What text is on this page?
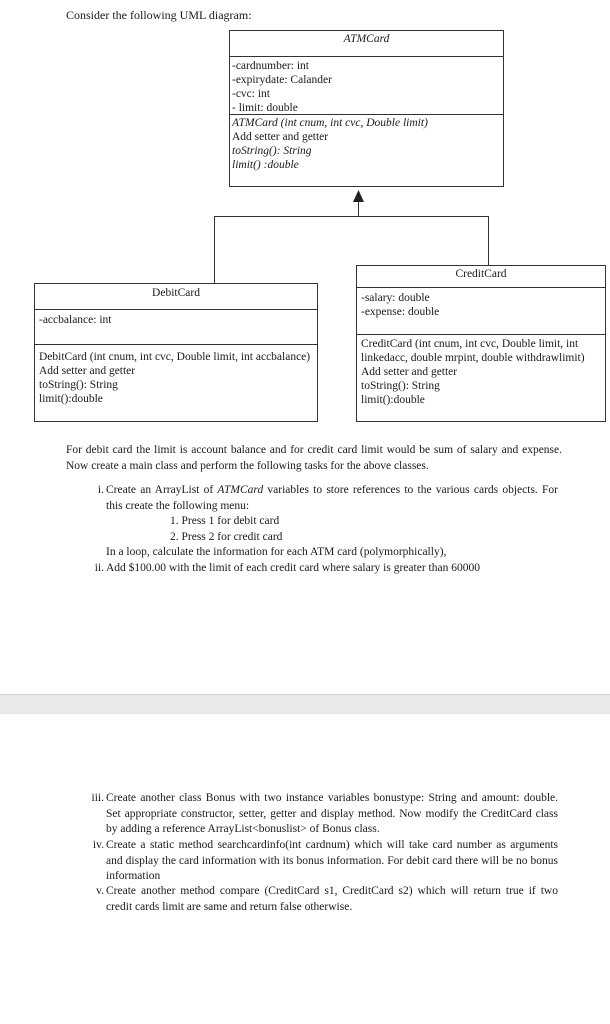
Consider the following UML diagram:
ATMCard
-cardnumber: int
-expirydate: Calander
-cvc: int
- limit: double
ATMCard (int cnum, int cvc, Double limit)
Add setter and getter
toString(): String
limit() :double
DebitCard
-accbalance: int
DebitCard (int cnum, int cvc, Double limit, int accbalance)
Add setter and getter
toString(): String
limit():double
CreditCard
-salary: double
-expense: double
CreditCard (int cnum, int cvc, Double limit, int linkedacc, double mrpint, double withdrawlimit)
Add setter and getter
toString(): String
limit():double
For debit card the limit is account balance and for credit card limit would be sum of salary and expense. Now create a main class and perform the following tasks for the above classes.
i. Create an ArrayList of ATMCard variables to store references to the various cards objects. For this create the following menu:
1. Press 1 for debit card
2. Press 2 for credit card
In a loop, calculate the information for each ATM card (polymorphically),
ii. Add $100.00 with the limit of each credit card where salary is greater than 60000
iii. Create another class Bonus with two instance variables bonustype: String and amount: double. Set appropriate constructor, setter, getter and display method. Now modify the CreditCard class by adding a reference ArrayList<bonuslist> of Bonus class.
iv. Create a static method searchcardinfo(int cardnum) which will take card number as arguments and display the card information with its bonus information. For debit card there will be no bonus information
v. Create another method compare (CreditCard s1, CreditCard s2) which will return true if two credit cards limit are same and return false otherwise.
